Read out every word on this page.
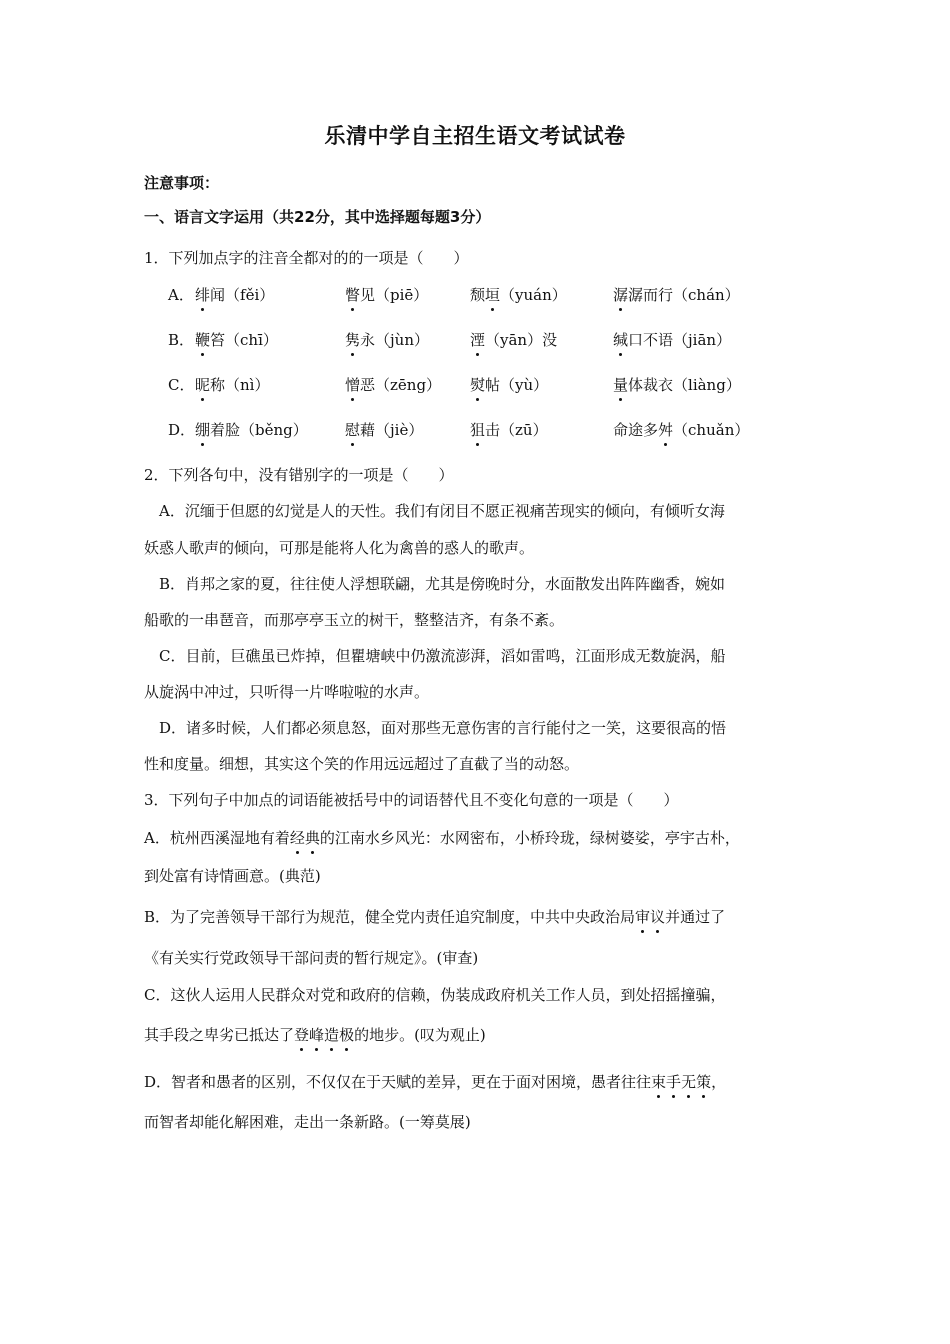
乐清中学自主招生语文考试试卷
注意事项：
一、语言文字运用（共22分，其中选择题每题3分）
1．下列加点字的注音全都对的的一项是（　　）
A． 绯闻（fěi）	瞥见（piē）	颓垣（yuán）	潺潺而行（chán）
B． 鞭笞（chī）	隽永（jùn）	湮（yān）没	缄口不语（jiān）
C． 昵称（nì）	憎恶（zēng） 熨帖（yù）	量体裁衣（liàng）
D． 绷着脸（běng） 慰藉（jiè）	狙击（zū）	命途多舛（chuǎn）
2．下列各句中，没有错别字的一项是（　　）
　A．沉缅于但愿的幻觉是人的天性。我们有闭目不愿正视痛苦现实的倾向，有倾听女海
妖惑人歌声的倾向，可那是能将人化为禽兽的惑人的歌声。
　B．肖邦之家的夏，往往使人浮想联翩，尤其是傍晚时分，水面散发出阵阵幽香，婉如
船歌的一串琶音，而那亭亭玉立的树干，整整洁齐，有条不紊。
　C．目前，巨礁虽已炸掉，但瞿塘峡中仍激流澎湃，滔如雷鸣，江面形成无数旋涡，船
从旋涡中冲过，只听得一片哗啦啦的水声。
　D．诸多时候，人们都必须息怒，面对那些无意伤害的言行能付之一笑，这要很高的悟
性和度量。细想，其实这个笑的作用远远超过了直截了当的动怒。
3．下列句子中加点的词语能被括号中的词语替代且不变化句意的一项是（　　）
A．杭州西溪湿地有着经典的江南水乡风光：水网密布，小桥玲珑，绿树婆娑，亭宇古朴，
到处富有诗情画意。(典范)
B．为了完善领导干部行为规范，健全党内责任追究制度，中共中央政治局审议并通过了
《有关实行党政领导干部问责的暂行规定》。(审查)
C．这伙人运用人民群众对党和政府的信赖，伪装成政府机关工作人员，到处招摇撞骗，
其手段之卑劣已抵达了登峰造极的地步。(叹为观止)
D．智者和愚者的区别，不仅仅在于天赋的差异，更在于面对困境，愚者往往束手无策，
而智者却能化解困难，走出一条新路。(一筹莫展)
